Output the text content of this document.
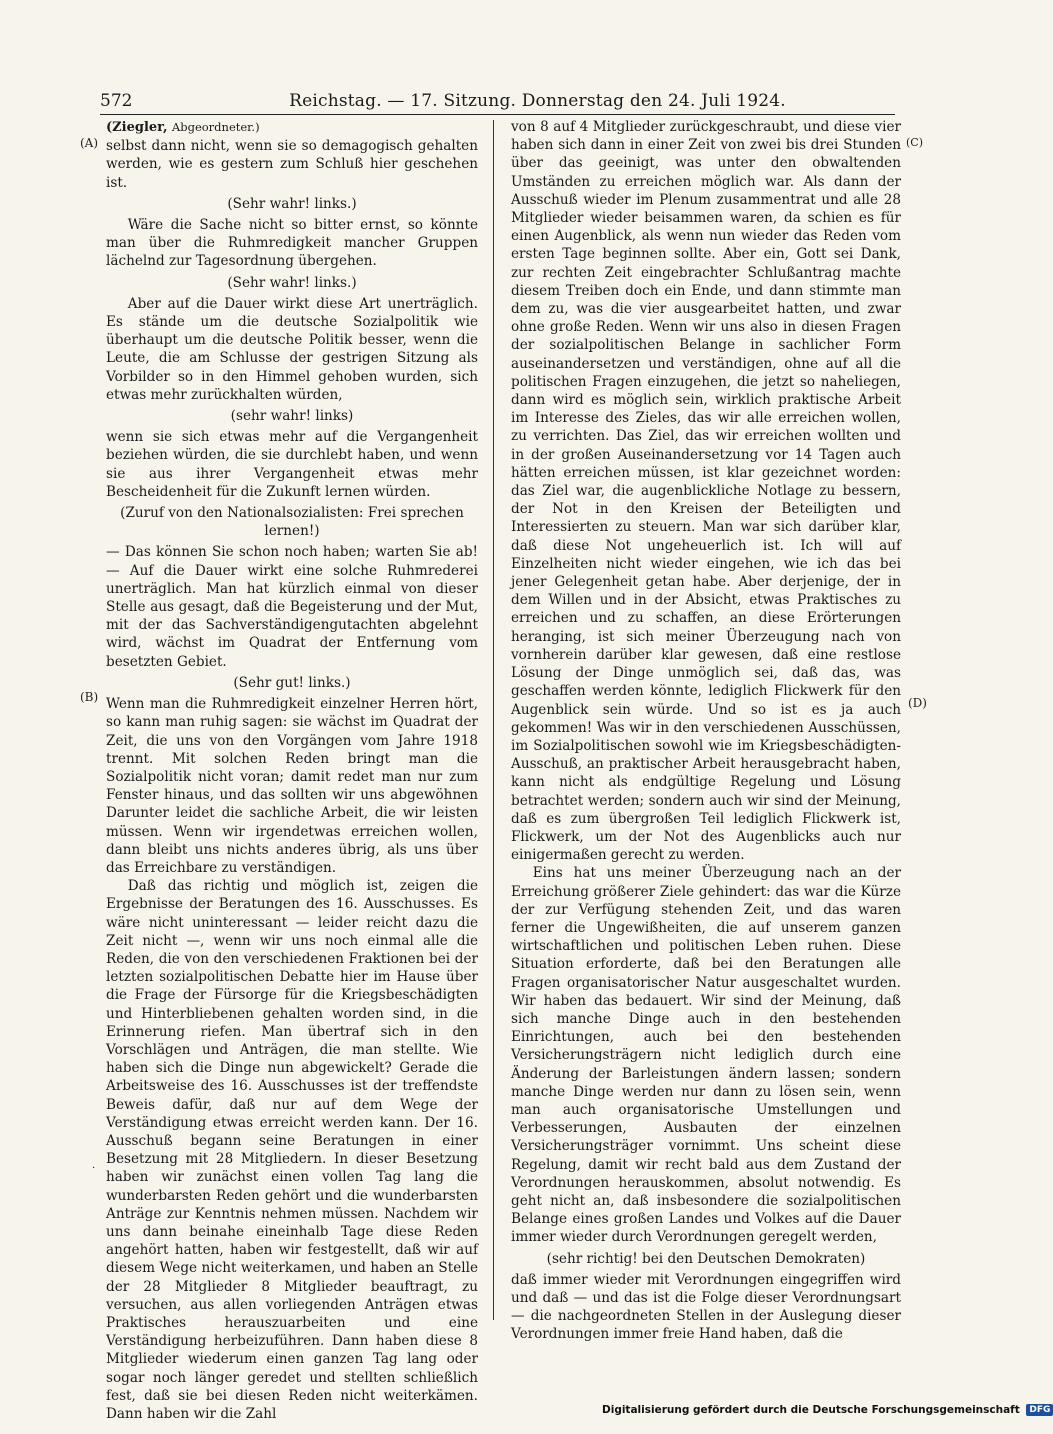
572	Reichstag. — 17. Sitzung. Donnerstag den 24. Juli 1924.
(A)
(B)
(C)
(D)
·
(Ziegler, Abgeordneter.)

selbst dann nicht, wenn sie so demagogisch gehalten werden, wie es gestern zum Schluß hier geschehen ist.

(Sehr wahr! links.)

Wäre die Sache nicht so bitter ernst, so könnte man über die Ruhmredigkeit mancher Gruppen lächelnd zur Tagesordnung übergehen.

(Sehr wahr! links.)

Aber auf die Dauer wirkt diese Art unerträglich. Es stände um die deutsche Sozialpolitik wie überhaupt um die deutsche Politik besser, wenn die Leute, die am Schlusse der gestrigen Sitzung als Vorbilder so in den Himmel gehoben wurden, sich etwas mehr zurückhalten würden,

(sehr wahr! links)

wenn sie sich etwas mehr auf die Vergangenheit beziehen würden, die sie durchlebt haben, und wenn sie aus ihrer Vergangenheit etwas mehr Bescheidenheit für die Zukunft lernen würden.

(Zuruf von den Nationalsozialisten: Frei sprechen lernen!)

— Das können Sie schon noch haben; warten Sie ab! — Auf die Dauer wirkt eine solche Ruhmrederei unerträglich. Man hat kürzlich einmal von dieser Stelle aus gesagt, daß die Begeisterung und der Mut, mit der das Sachverständigengutachten abgelehnt wird, wächst im Quadrat der Entfernung vom besetzten Gebiet.

(Sehr gut! links.)

Wenn man die Ruhmredigkeit einzelner Herren hört, so kann man ruhig sagen: sie wächst im Quadrat der Zeit, die uns von den Vorgängen vom Jahre 1918 trennt. Mit solchen Reden bringt man die Sozialpolitik nicht voran; damit redet man nur zum Fenster hinaus, und das sollten wir uns abgewöhnen Darunter leidet die sachliche Arbeit, die wir leisten müssen. Wenn wir irgendetwas erreichen wollen, dann bleibt uns nichts anderes übrig, als uns über das Erreichbare zu verständigen.

Daß das richtig und möglich ist, zeigen die Ergebnisse der Beratungen des 16. Ausschusses. Es wäre nicht uninteressant — leider reicht dazu die Zeit nicht —, wenn wir uns noch einmal alle die Reden, die von den verschiedenen Fraktionen bei der letzten sozialpolitischen Debatte hier im Hause über die Frage der Fürsorge für die Kriegsbeschädigten und Hinterbliebenen gehalten worden sind, in die Erinnerung riefen. Man übertraf sich in den Vorschlägen und Anträgen, die man stellte. Wie haben sich die Dinge nun abgewickelt? Gerade die Arbeitsweise des 16. Ausschusses ist der treffendste Beweis dafür, daß nur auf dem Wege der Verständigung etwas erreicht werden kann. Der 16. Ausschuß begann seine Beratungen in einer Besetzung mit 28 Mitgliedern. In dieser Besetzung haben wir zunächst einen vollen Tag lang die wunderbarsten Reden gehört und die wunderbarsten Anträge zur Kenntnis nehmen müssen. Nachdem wir uns dann beinahe eineinhalb Tage diese Reden angehört hatten, haben wir festgestellt, daß wir auf diesem Wege nicht weiterkamen, und haben an Stelle der 28 Mitglieder 8 Mitglieder beauftragt, zu versuchen, aus allen vorliegenden Anträgen etwas Praktisches herauszuarbeiten und eine Verständigung herbeizuführen. Dann haben diese 8 Mitglieder wiederum einen ganzen Tag lang oder sogar noch länger geredet und stellten schließlich fest, daß sie bei diesen Reden nicht weiterkämen. Dann haben wir die Zahl

von 8 auf 4 Mitglieder zurückgeschraubt, und diese vier haben sich dann in einer Zeit von zwei bis drei Stunden über das geeinigt, was unter den obwaltenden Umständen zu erreichen möglich war. Als dann der Ausschuß wieder im Plenum zusammentrat und alle 28 Mitglieder wieder beisammen waren, da schien es für einen Augenblick, als wenn nun wieder das Reden vom ersten Tage beginnen sollte. Aber ein, Gott sei Dank, zur rechten Zeit eingebrachter Schlußantrag machte diesem Treiben doch ein Ende, und dann stimmte man dem zu, was die vier ausgearbeitet hatten, und zwar ohne große Reden. Wenn wir uns also in diesen Fragen der sozialpolitischen Belange in sachlicher Form auseinandersetzen und verständigen, ohne auf all die politischen Fragen einzugehen, die jetzt so naheliegen, dann wird es möglich sein, wirklich praktische Arbeit im Interesse des Zieles, das wir alle erreichen wollen, zu verrichten. Das Ziel, das wir erreichen wollten und in der großen Auseinandersetzung vor 14 Tagen auch hätten erreichen müssen, ist klar gezeichnet worden: das Ziel war, die augenblickliche Notlage zu bessern, der Not in den Kreisen der Beteiligten und Interessierten zu steuern. Man war sich darüber klar, daß diese Not ungeheuerlich ist. Ich will auf Einzelheiten nicht wieder eingehen, wie ich das bei jener Gelegenheit getan habe. Aber derjenige, der in dem Willen und in der Absicht, etwas Praktisches zu erreichen und zu schaffen, an diese Erörterungen heranging, ist sich meiner Überzeugung nach von vornherein darüber klar gewesen, daß eine restlose Lösung der Dinge unmöglich sei, daß das, was geschaffen werden könnte, lediglich Flickwerk für den Augenblick sein würde. Und so ist es ja auch gekommen! Was wir in den verschiedenen Ausschüssen, im Sozialpolitischen sowohl wie im Kriegsbeschädigten-Ausschuß, an praktischer Arbeit herausgebracht haben, kann nicht als endgültige Regelung und Lösung betrachtet werden; sondern auch wir sind der Meinung, daß es zum übergroßen Teil lediglich Flickwerk ist, Flickwerk, um der Not des Augenblicks auch nur einigermaßen gerecht zu werden.

Eins hat uns meiner Überzeugung nach an der Erreichung größerer Ziele gehindert: das war die Kürze der zur Verfügung stehenden Zeit, und das waren ferner die Ungewißheiten, die auf unserem ganzen wirtschaftlichen und politischen Leben ruhen. Diese Situation erforderte, daß bei den Beratungen alle Fragen organisatorischer Natur ausgeschaltet wurden. Wir haben das bedauert. Wir sind der Meinung, daß sich manche Dinge auch in den bestehenden Einrichtungen, auch bei den bestehenden Versicherungsträgern nicht lediglich durch eine Änderung der Barleistungen ändern lassen; sondern manche Dinge werden nur dann zu lösen sein, wenn man auch organisatorische Umstellungen und Verbesserungen, Ausbauten der einzelnen Versicherungsträger vornimmt. Uns scheint diese Regelung, damit wir recht bald aus dem Zustand der Verordnungen herauskommen, absolut notwendig. Es geht nicht an, daß insbesondere die sozialpolitischen Belange eines großen Landes und Volkes auf die Dauer immer wieder durch Verordnungen geregelt werden,

(sehr richtig! bei den Deutschen Demokraten)

daß immer wieder mit Verordnungen eingegriffen wird und daß — und das ist die Folge dieser Verordnungsart — die nachgeordneten Stellen in der Auslegung dieser Verordnungen immer freie Hand haben, daß die

Digitalisierung gefördert durch die Deutsche Forschungsgemeinschaft DFG
